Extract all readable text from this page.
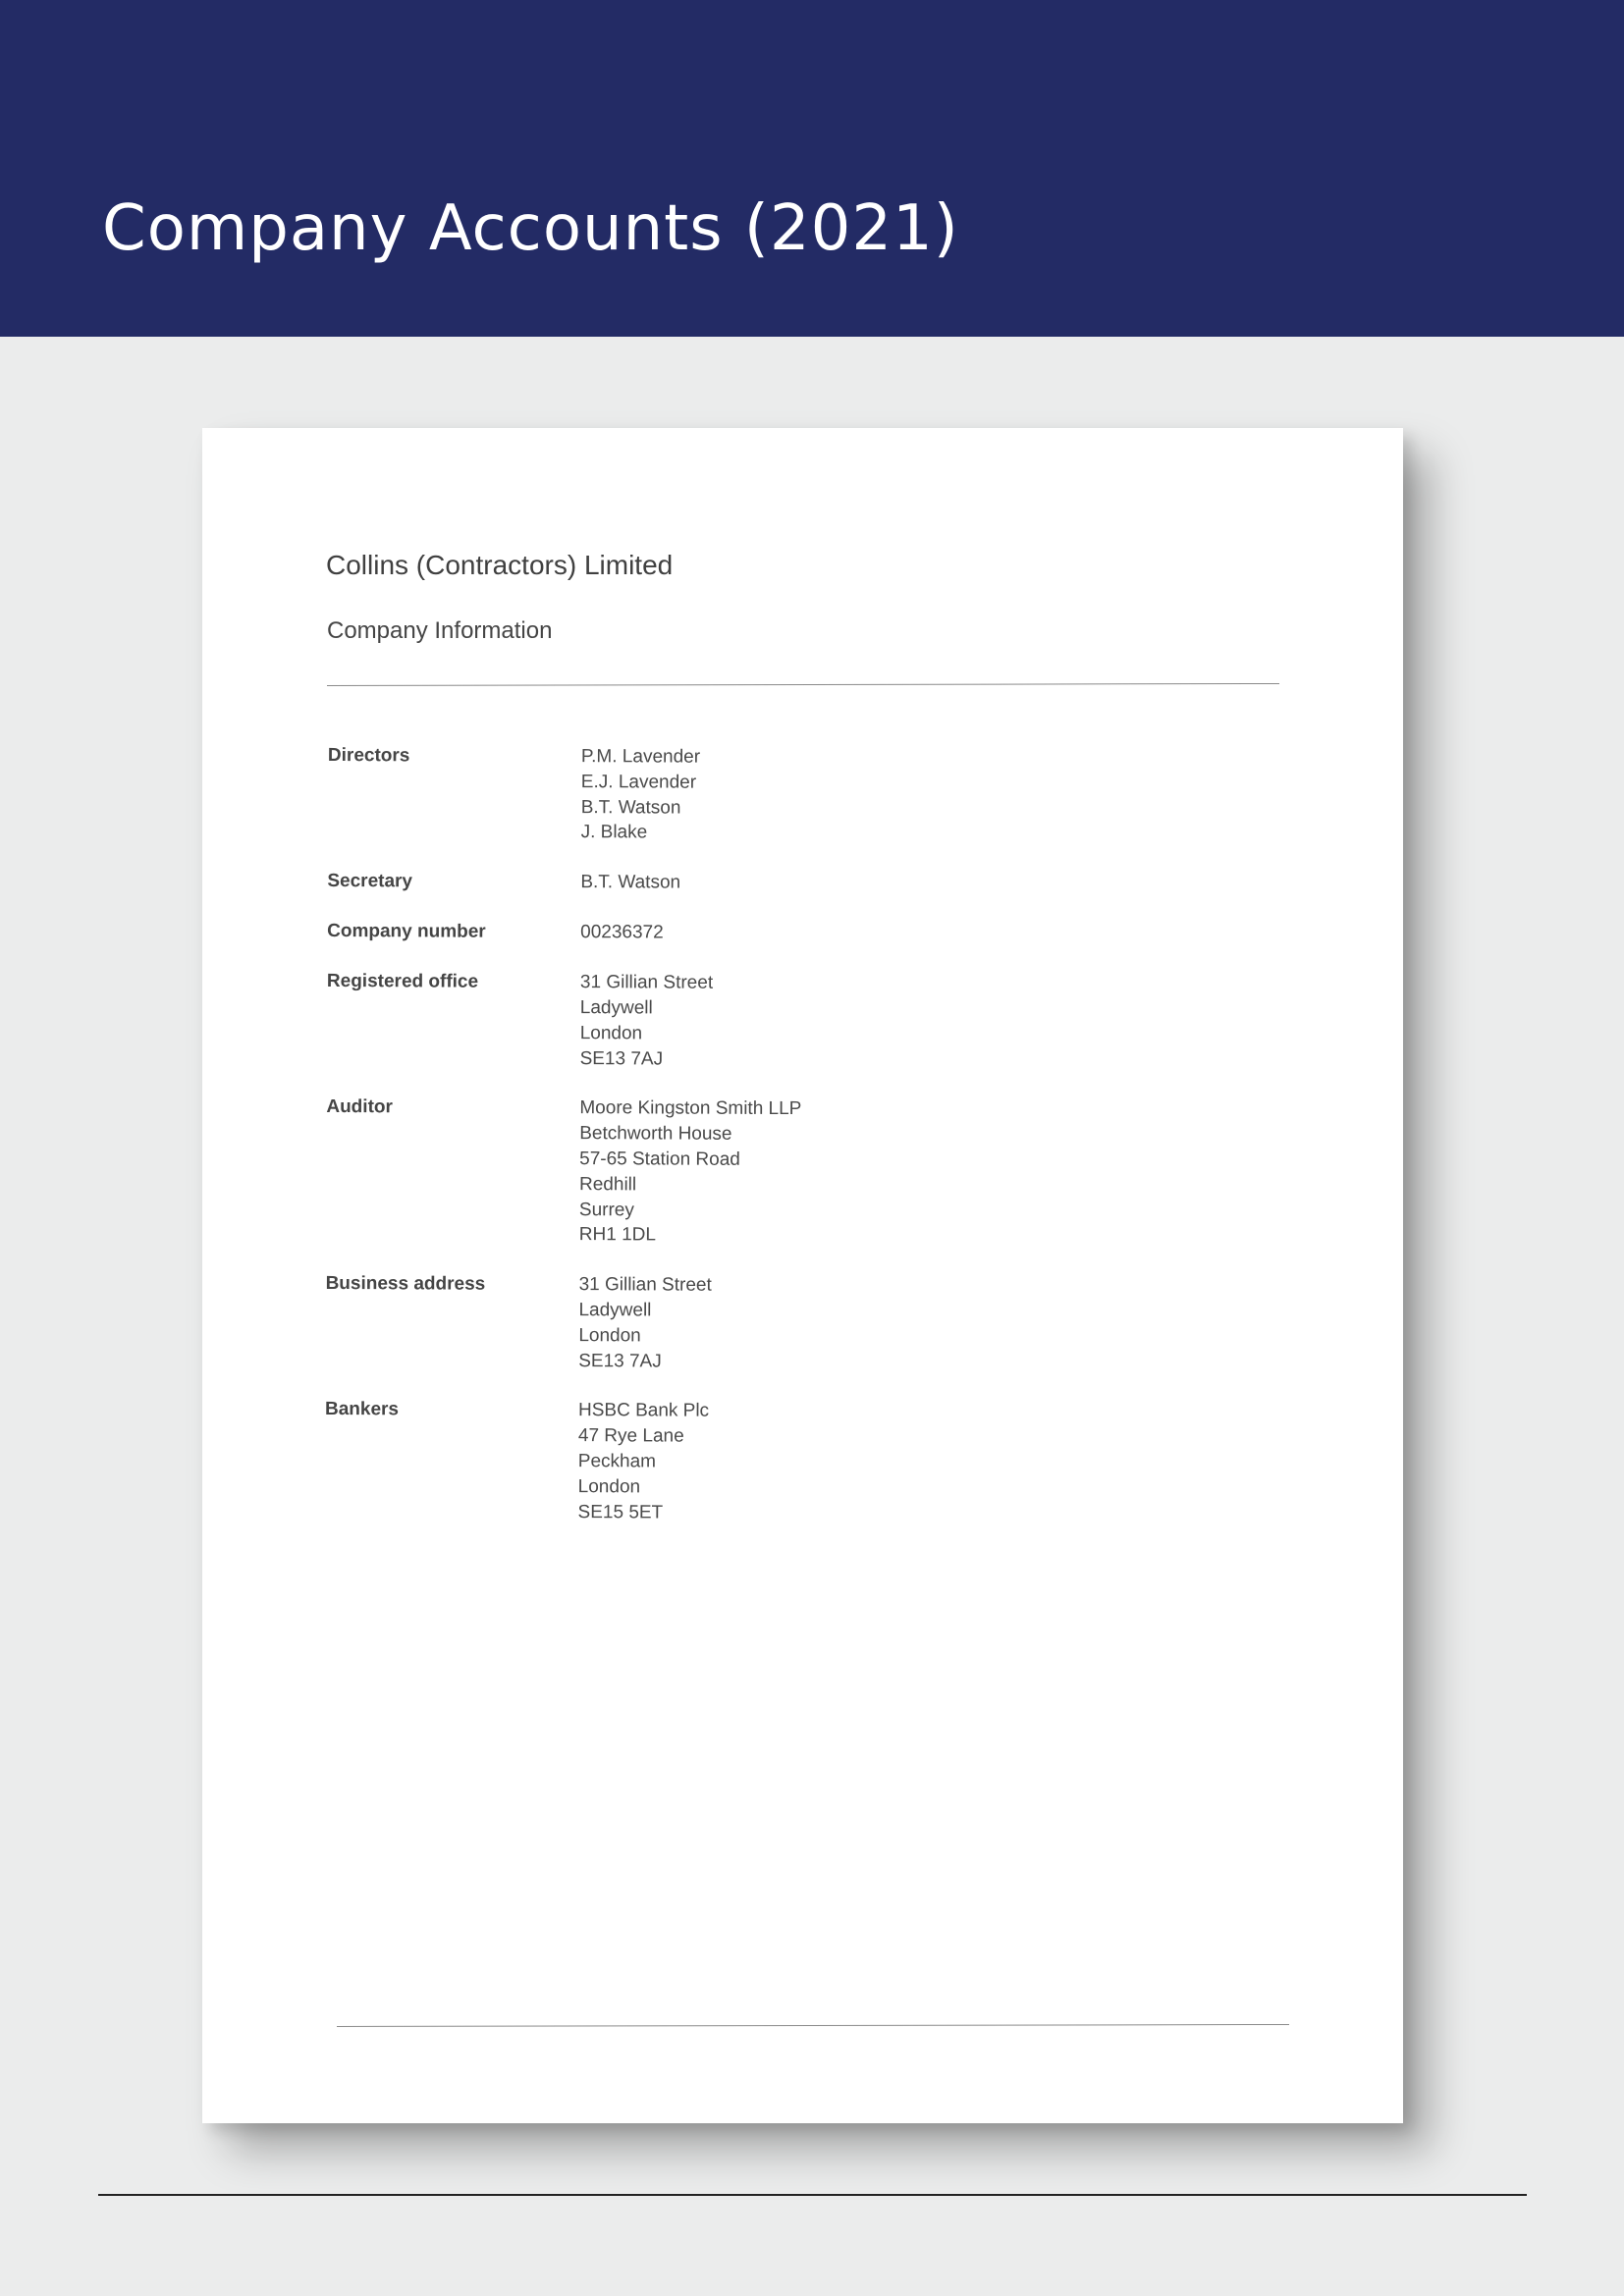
Company Accounts (2021)
Collins (Contractors) Limited
Company Information
Directors	P.M. Lavender
E.J. Lavender
B.T. Watson
J. Blake
Secretary	B.T. Watson
Company number	00236372
Registered office	31 Gillian Street
Ladywell
London
SE13 7AJ
Auditor	Moore Kingston Smith LLP
Betchworth House
57-65 Station Road
Redhill
Surrey
RH1 1DL
Business address	31 Gillian Street
Ladywell
London
SE13 7AJ
Bankers	HSBC Bank Plc
47 Rye Lane
Peckham
London
SE15 5ET
